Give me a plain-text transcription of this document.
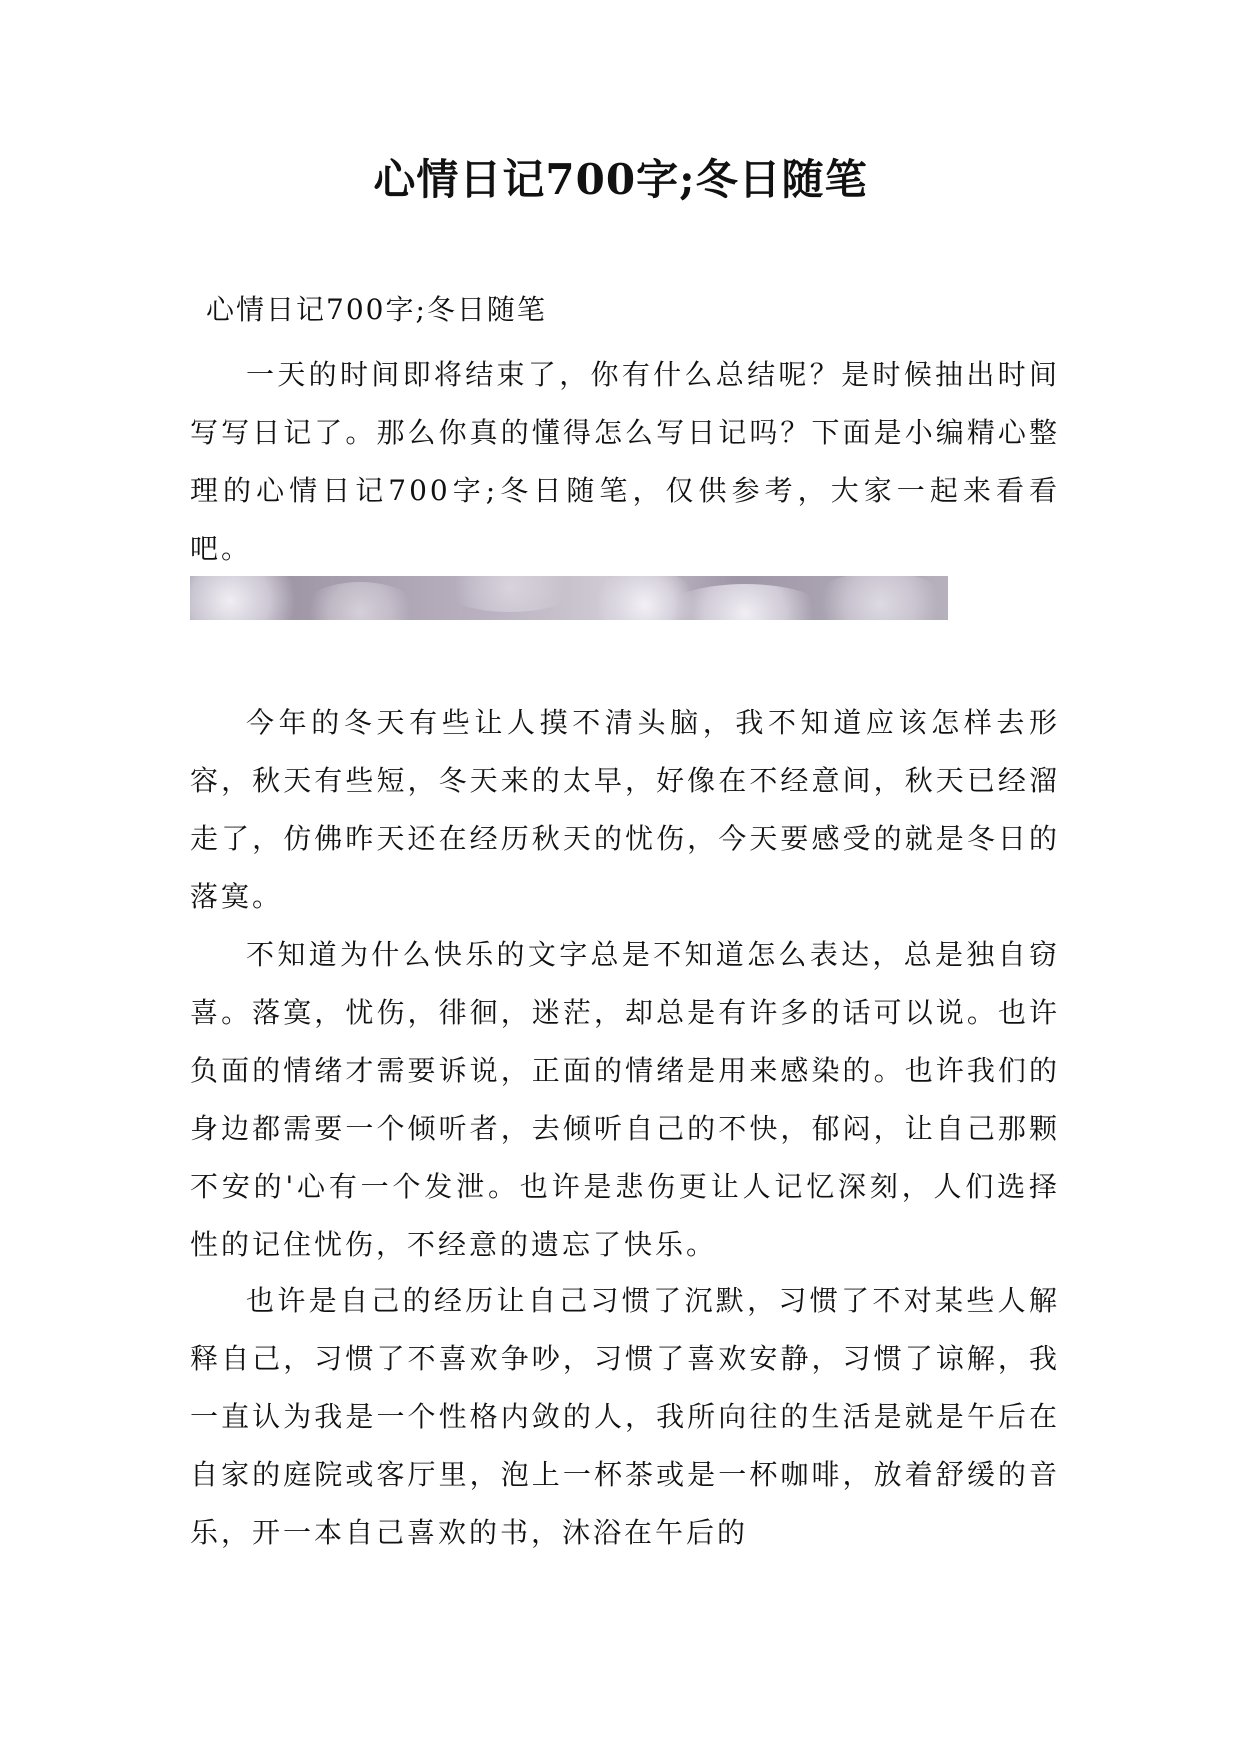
心情日记700字;冬日随笔

心情日记700字;冬日随笔

一天的时间即将结束了，你有什么总结呢？是时候抽出时间写写日记了。那么你真的懂得怎么写日记吗？下面是小编精心整理的心情日记700字;冬日随笔，仅供参考，大家一起来看看吧。

今年的冬天有些让人摸不清头脑，我不知道应该怎样去形容，秋天有些短，冬天来的太早，好像在不经意间，秋天已经溜走了，仿佛昨天还在经历秋天的忧伤，今天要感受的就是冬日的落寞。

不知道为什么快乐的文字总是不知道怎么表达，总是独自窃喜。落寞，忧伤，徘徊，迷茫，却总是有许多的话可以说。也许负面的情绪才需要诉说，正面的情绪是用来感染的。也许我们的身边都需要一个倾听者，去倾听自己的不快，郁闷，让自己那颗不安的'心有一个发泄。也许是悲伤更让人记忆深刻，人们选择性的记住忧伤，不经意的遗忘了快乐。

也许是自己的经历让自己习惯了沉默，习惯了不对某些人解释自己，习惯了不喜欢争吵，习惯了喜欢安静，习惯了谅解，我一直认为我是一个性格内敛的人，我所向往的生活是就是午后在自家的庭院或客厅里，泡上一杯茶或是一杯咖啡，放着舒缓的音乐，开一本自己喜欢的书，沐浴在午后的
